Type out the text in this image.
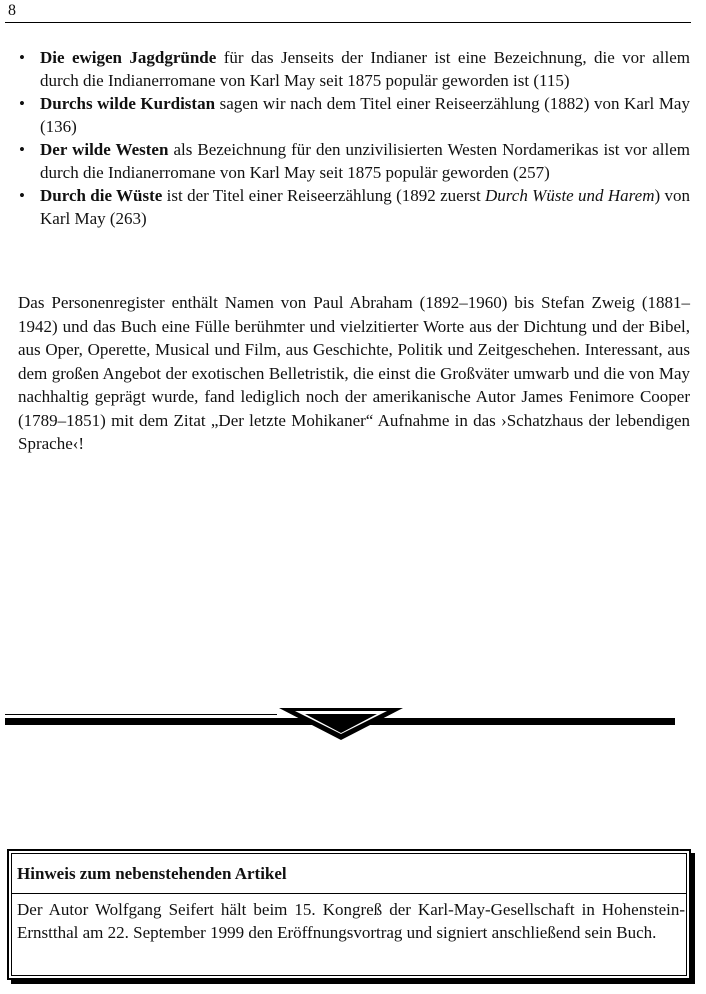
8
• Die ewigen Jagdgründe für das Jenseits der Indianer ist eine Bezeichnung, die vor allem durch die Indianerromane von Karl May seit 1875 populär geworden ist (115)
• Durchs wilde Kurdistan sagen wir nach dem Titel einer Reiseerzählung (1882) von Karl May (136)
• Der wilde Westen als Bezeichnung für den unzivilisierten Westen Nordamerikas ist vor allem durch die Indianerromane von Karl May seit 1875 populär geworden (257)
• Durch die Wüste ist der Titel einer Reiseerzählung (1892 zuerst Durch Wüste und Harem) von Karl May (263)

Das Personenregister enthält Namen von Paul Abraham (1892–1960) bis Stefan Zweig (1881–1942) und das Buch eine Fülle berühmter und vielzitierter Worte aus der Dichtung und der Bibel, aus Oper, Operette, Musical und Film, aus Geschichte, Politik und Zeitgeschehen. Interessant, aus dem großen Angebot der exotischen Belletristik, die einst die Großväter umwarb und die von May nachhaltig geprägt wurde, fand lediglich noch der amerikanische Autor James Fenimore Cooper (1789–1851) mit dem Zitat „Der letzte Mohikaner“ Aufnahme in das ›Schatzhaus der lebendigen Sprache‹!

Hinweis zum nebenstehenden Artikel

Der Autor Wolfgang Seifert hält beim 15. Kongreß der Karl-May-Gesellschaft in Hohenstein-Ernstthal am 22. September 1999 den Eröffnungsvortrag und signiert anschließend sein Buch.
